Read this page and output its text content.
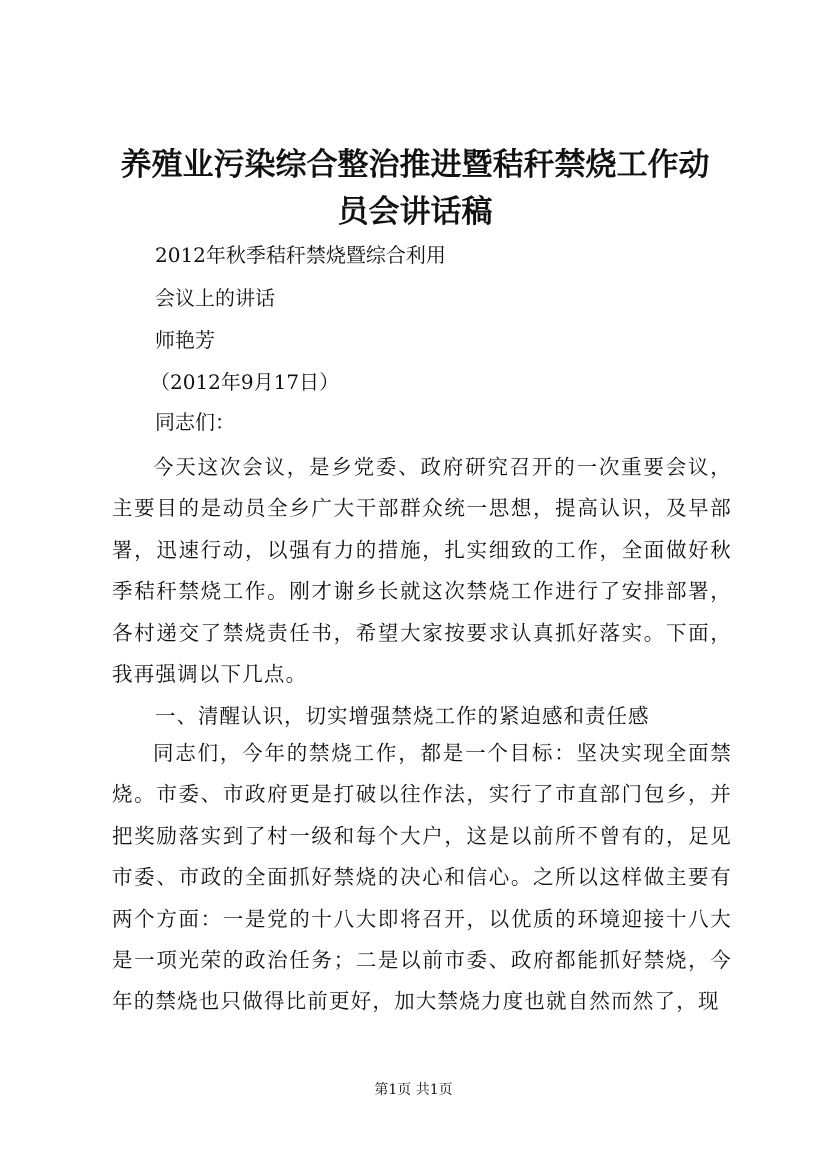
养殖业污染综合整治推进暨秸秆禁烧工作动员会讲话稿
2012年秋季秸秆禁烧暨综合利用
会议上的讲话
师艳芳
（2012年9月17日）
同志们：
今天这次会议，是乡党委、政府研究召开的一次重要会议，主要目的是动员全乡广大干部群众统一思想，提高认识，及早部署，迅速行动，以强有力的措施，扎实细致的工作，全面做好秋季秸秆禁烧工作。刚才谢乡长就这次禁烧工作进行了安排部署，各村递交了禁烧责任书，希望大家按要求认真抓好落实。下面，我再强调以下几点。
一、清醒认识，切实增强禁烧工作的紧迫感和责任感
同志们，今年的禁烧工作，都是一个目标：坚决实现全面禁烧。市委、市政府更是打破以往作法，实行了市直部门包乡，并把奖励落实到了村一级和每个大户，这是以前所不曾有的，足见市委、市政的全面抓好禁烧的决心和信心。之所以这样做主要有两个方面：一是党的十八大即将召开，以优质的环境迎接十八大是一项光荣的政治任务；二是以前市委、政府都能抓好禁烧，今年的禁烧也只做得比前更好，加大禁烧力度也就自然而然了，现
第1页 共1页
